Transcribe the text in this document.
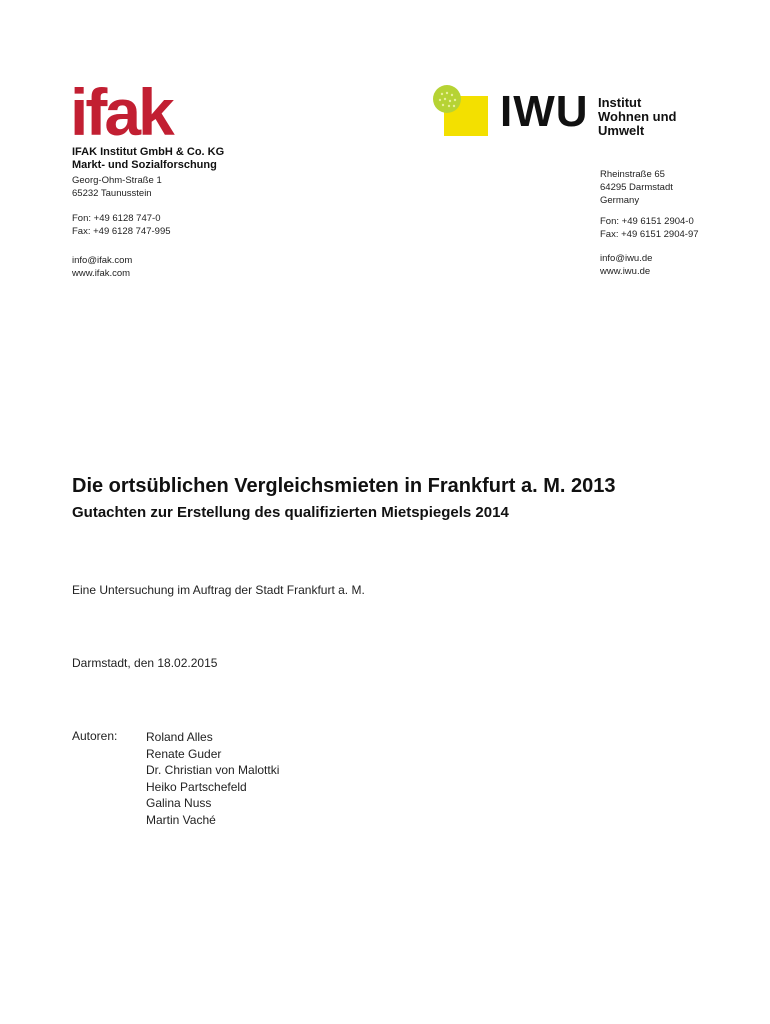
ifak	IWU Institut
Wohnen und
Umwelt
IFAK Institut GmbH & Co. KG
Markt- und Sozialforschung
Georg-Ohm-Straße 1
65232 Taunusstein
Fon: +49 6128 747-0
Fax: +49 6128 747-995
info@ifak.com
www.ifak.com
Rheinstraße 65
64295 Darmstadt
Germany
Fon: +49 6151 2904-0
Fax: +49 6151 2904-97
info@iwu.de
www.iwu.de
Die ortsüblichen Vergleichsmieten in Frankfurt a. M. 2013
Gutachten zur Erstellung des qualifizierten Mietspiegels 2014
Eine Untersuchung im Auftrag der Stadt Frankfurt a. M.
Darmstadt, den 18.02.2015
Autoren: Roland Alles
Renate Guder
Dr. Christian von Malottki
Heiko Partschefeld
Galina Nuss
Martin Vaché
